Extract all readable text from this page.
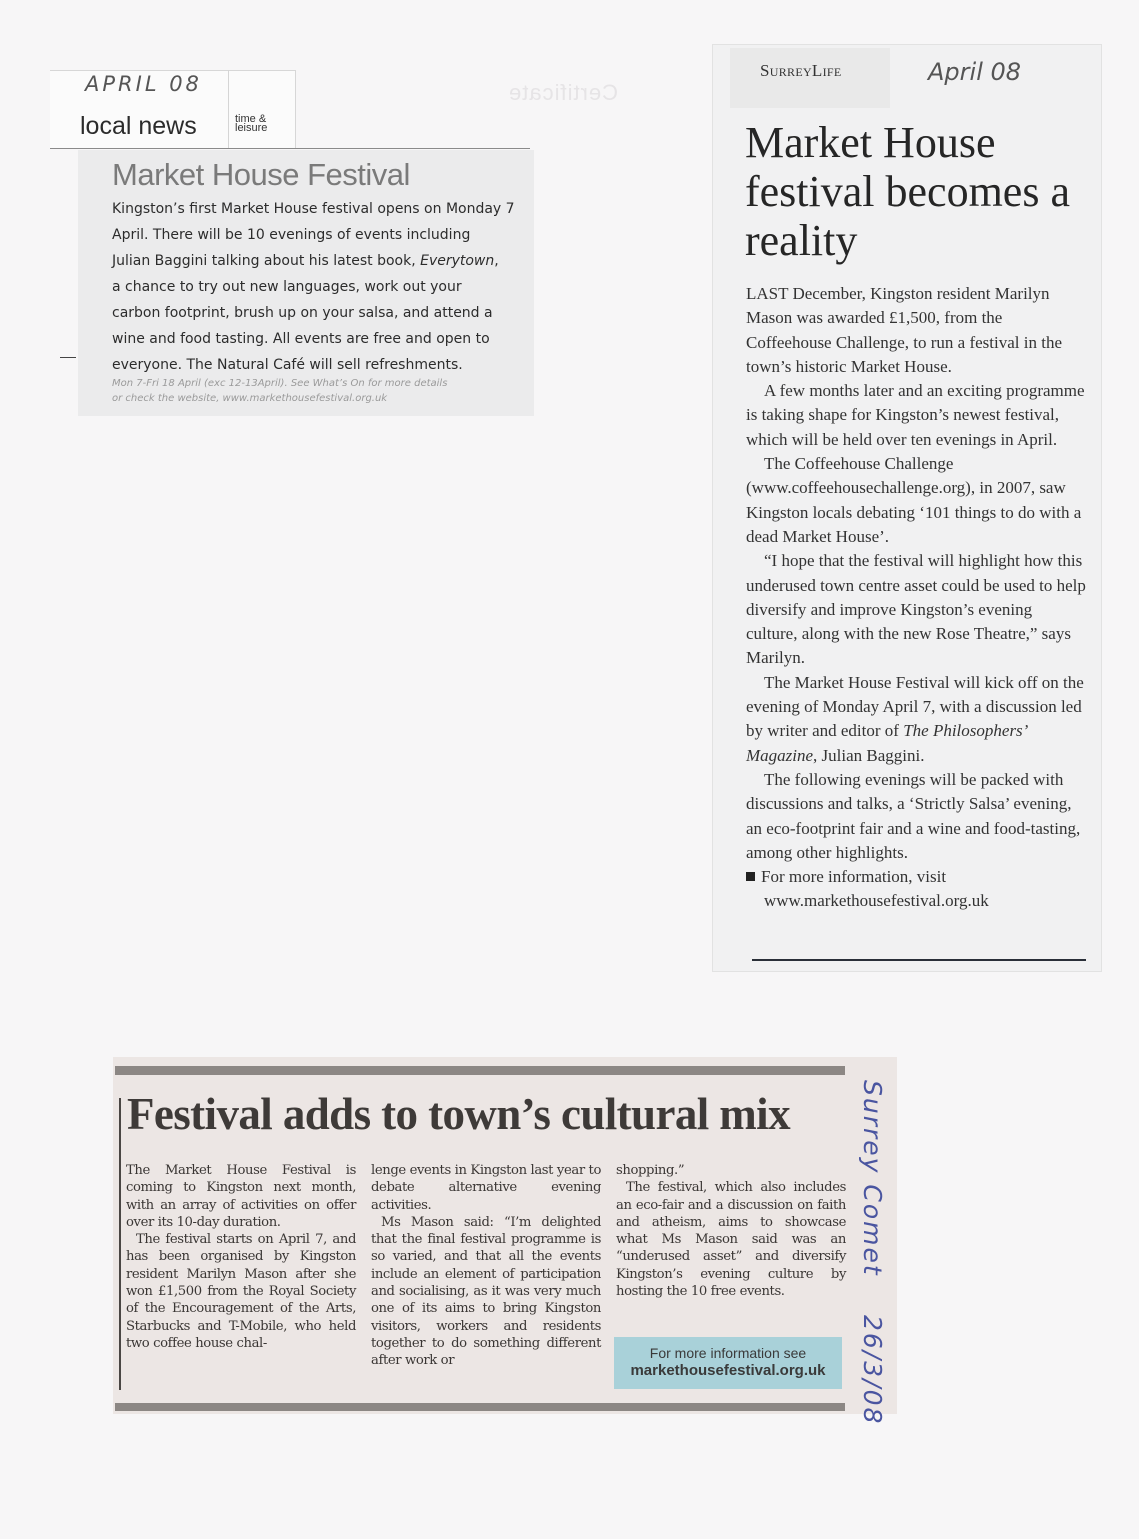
Certificate
APRIL 08
local news	time &
leisure
Market House Festival

Kingston’s first Market House festival opens on Monday 7

April. There will be 10 evenings of events including

Julian Baggini talking about his latest book, Everytown,

a chance to try out new languages, work out your

carbon footprint, brush up on your salsa, and attend a

wine and food tasting. All events are free and open to

everyone. The Natural Café will sell refreshments.

Mon 7-Fri 18 April (exc 12-13April). See What’s On for more details
or check the website, www.markethousefestival.org.uk
SurreyLife	April 08
Market House festival becomes a reality

LAST December, Kingston resident Marilyn Mason was awarded £1,500, from the Coffeehouse Challenge, to run a festival in the town’s historic Market House.

A few months later and an exciting programme is taking shape for Kingston’s newest festival, which will be held over ten evenings in April.

The Coffeehouse Challenge (www.coffeehousechallenge.org), in 2007, saw Kingston locals debating ‘101 things to do with a dead Market House’.

“I hope that the festival will highlight how this underused town centre asset could be used to help diversify and improve Kingston’s evening culture, along with the new Rose Theatre,” says Marilyn.

The Market House Festival will kick off on the evening of Monday April 7, with a discussion led by writer and editor of The Philosophers’ Magazine, Julian Baggini.

The following evenings will be packed with discussions and talks, a ‘Strictly Salsa’ evening, an eco-footprint fair and a wine and food-tasting, among other highlights.

For more information, visit
www.markethousefestival.org.uk

Festival adds to town’s cultural mix

The Market House Festival is coming to Kingston next month, with an array of activities on offer over its 10-day duration.

The festival starts on April 7, and has been organised by Kingston resident Marilyn Mason after she won £1,500 from the Royal Society of the Encouragement of the Arts, Starbucks and T-Mobile, who held two coffee house chal-

lenge events in Kingston last year to debate alternative evening activities.

Ms Mason said: “I’m delighted that the final festival programme is so varied, and that all the events include an element of participation and socialising, as it was very much one of its aims to bring Kingston visitors, workers and residents together to do something different after work or

shopping.”

The festival, which also includes an eco-fair and a discussion on faith and atheism, aims to showcase what Ms Mason said was an “underused asset” and diversify Kingston’s evening culture by hosting the 10 free events.

For more information see
markethousefestival.org.uk
Surrey Comet 26/3/08
